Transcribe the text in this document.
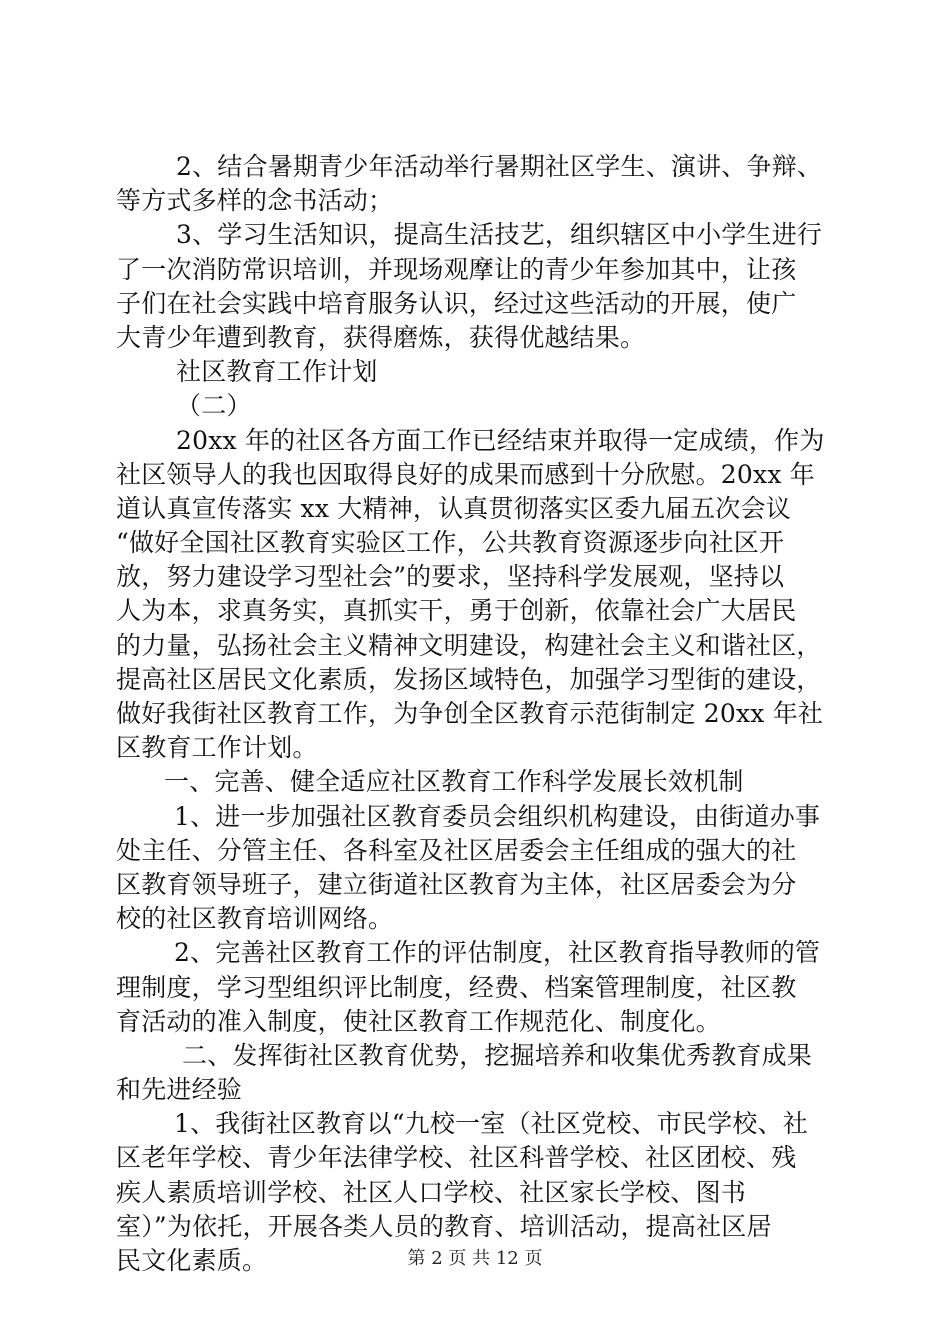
2、结合暑期青少年活动举行暑期社区学生、演讲、争辩、
等方式多样的念书活动；
3、学习生活知识，提高生活技艺，组织辖区中小学生进行
了一次消防常识培训，并现场观摩让的青少年参加其中，让孩
子们在社会实践中培育服务认识，经过这些活动的开展，使广
大青少年遭到教育，获得磨炼，获得优越结果。
社区教育工作计划
（二）
20xx 年的社区各方面工作已经结束并取得一定成绩，作为
社区领导人的我也因取得良好的成果而感到十分欣慰。20xx 年
道认真宣传落实 xx 大精神，认真贯彻落实区委九届五次会议
“做好全国社区教育实验区工作，公共教育资源逐步向社区开
放，努力建设学习型社会”的要求，坚持科学发展观，坚持以
人为本，求真务实，真抓实干，勇于创新，依靠社会广大居民
的力量，弘扬社会主义精神文明建设，构建社会主义和谐社区，
提高社区居民文化素质，发扬区域特色，加强学习型街的建设，
做好我街社区教育工作，为争创全区教育示范街制定 20xx 年社
区教育工作计划。
一、完善、健全适应社区教育工作科学发展长效机制
1、进一步加强社区教育委员会组织机构建设，由街道办事
处主任、分管主任、各科室及社区居委会主任组成的强大的社
区教育领导班子，建立街道社区教育为主体，社区居委会为分
校的社区教育培训网络。
2、完善社区教育工作的评估制度，社区教育指导教师的管
理制度，学习型组织评比制度，经费、档案管理制度，社区教
育活动的准入制度，使社区教育工作规范化、制度化。
二、发挥街社区教育优势，挖掘培养和收集优秀教育成果
和先进经验
1、我街社区教育以“九校一室（社区党校、市民学校、社
区老年学校、青少年法律学校、社区科普学校、社区团校、残
疾人素质培训学校、社区人口学校、社区家长学校、图书
室）”为依托，开展各类人员的教育、培训活动，提高社区居
民文化素质。	第 2 页 共 12 页
